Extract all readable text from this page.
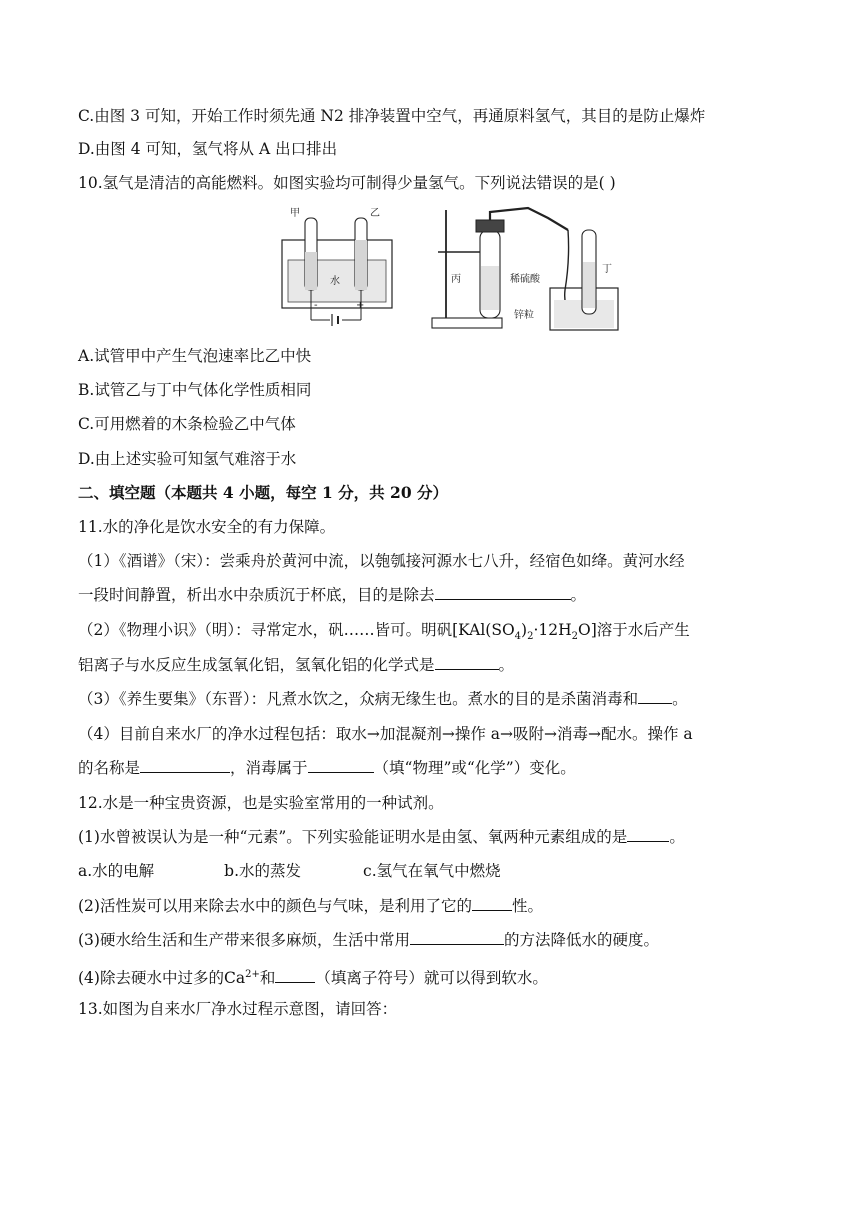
C.由图 3 可知，开始工作时须先通 N2 排净装置中空气，再通原料氢气，其目的是防止爆炸
D.由图 4 可知，氢气将从 A 出口排出
10.氢气是清洁的高能燃料。如图实验均可制得少量氢气。下列说法错误的是( )
甲	乙
水
-	+
丙	稀硫酸
锌粒
丁
A.试管甲中产生气泡速率比乙中快
B.试管乙与丁中气体化学性质相同
C.可用燃着的木条检验乙中气体
D.由上述实验可知氢气难溶于水
二、填空题（本题共 4 小题，每空 1 分，共 20 分）
11.水的净化是饮水安全的有力保障。
（1）《酒谱》（宋）：尝乘舟於黄河中流，以匏瓠接河源水七八升，经宿色如绛。黄河水经
一段时间静置，析出水中杂质沉于杯底，目的是除去	。
（2）《物理小识》（明）：寻常定水，矾……皆可。明矾$[KAl(SO_4)_2\cdot 12H_2O]$溶于水后产生
铝离子与水反应生成氢氧化铝，氢氧化铝的化学式是	。
（3）《养生要集》（东晋）：凡煮水饮之，众病无缘生也。煮水的目的是杀菌消毒和 。
（4）目前自来水厂的净水过程包括：取水→加混凝剂→操作 a→吸附→消毒→配水。操作 a
的名称是	，消毒属于	（填“物理”或“化学”）变化。
12.水是一种宝贵资源，也是实验室常用的一种试剂。
(1)水曾被误认为是一种“元素”。下列实验能证明水是由氢、氧两种元素组成的是	。
a.水的电解	b.水的蒸发	c.氢气在氧气中燃烧
(2)活性炭可以用来除去水中的颜色与气味，是利用了它的	性。
(3)硬水给生活和生产带来很多麻烦，生活中常用	的方法降低水的硬度。
(4)除去硬水中过多的$Ca^{2+}$和	（填离子符号）就可以得到软水。
13.如图为自来水厂净水过程示意图，请回答：
